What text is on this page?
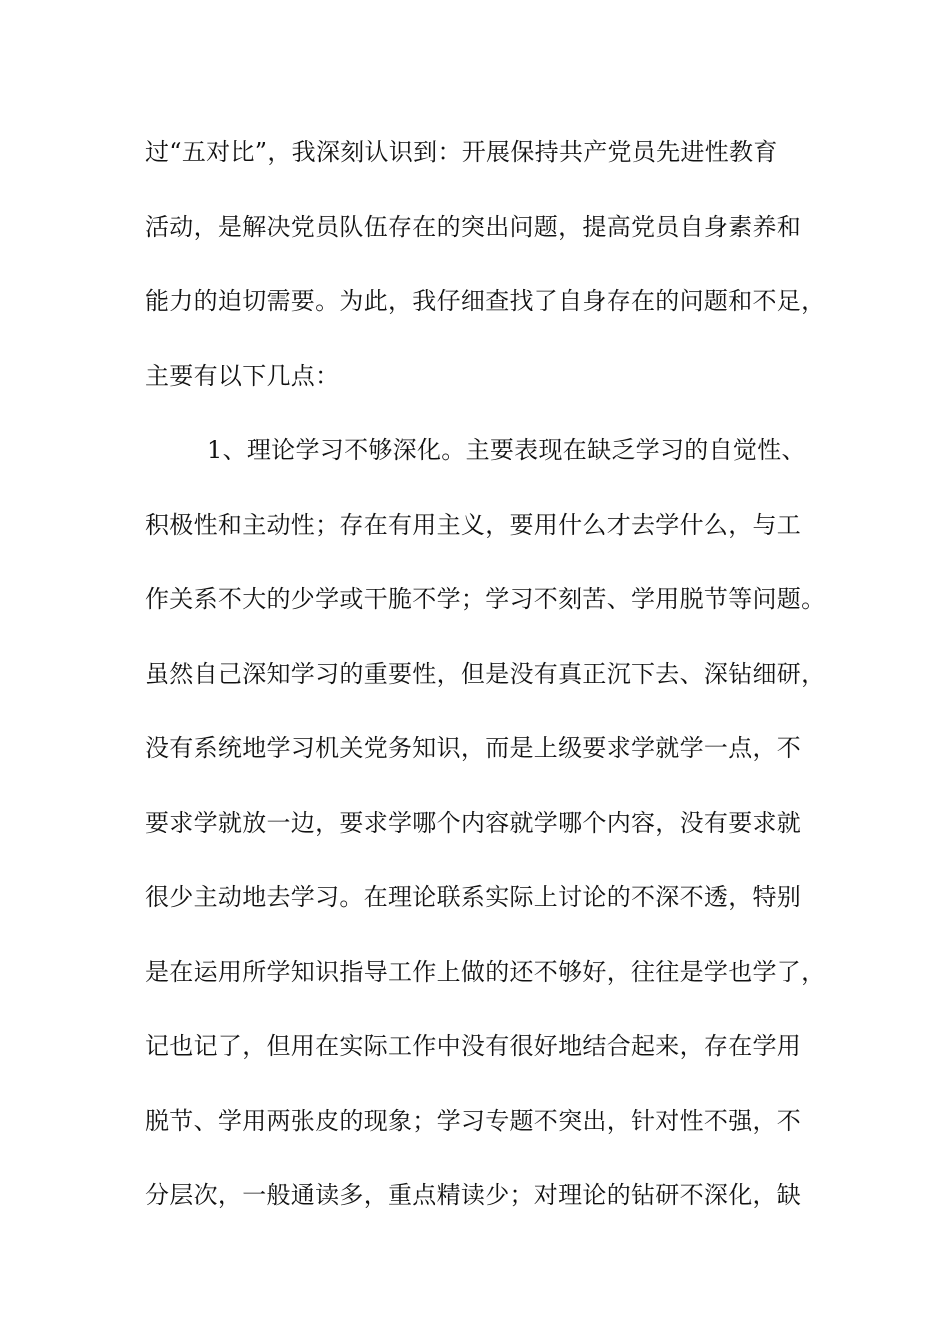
过“五对比”，我深刻认识到：开展保持共产党员先进性教育
活动，是解决党员队伍存在的突出问题，提高党员自身素养和
能力的迫切需要。为此，我仔细查找了自身存在的问题和不足，
主要有以下几点：
1、理论学习不够深化。主要表现在缺乏学习的自觉性、
积极性和主动性；存在有用主义，要用什么才去学什么，与工
作关系不大的少学或干脆不学；学习不刻苦、学用脱节等问题。
虽然自己深知学习的重要性，但是没有真正沉下去、深钻细研，
没有系统地学习机关党务知识，而是上级要求学就学一点，不
要求学就放一边，要求学哪个内容就学哪个内容，没有要求就
很少主动地去学习。在理论联系实际上讨论的不深不透，特别
是在运用所学知识指导工作上做的还不够好，往往是学也学了，
记也记了，但用在实际工作中没有很好地结合起来，存在学用
脱节、学用两张皮的现象；学习专题不突出，针对性不强，不
分层次，一般通读多，重点精读少；对理论的钻研不深化，缺
